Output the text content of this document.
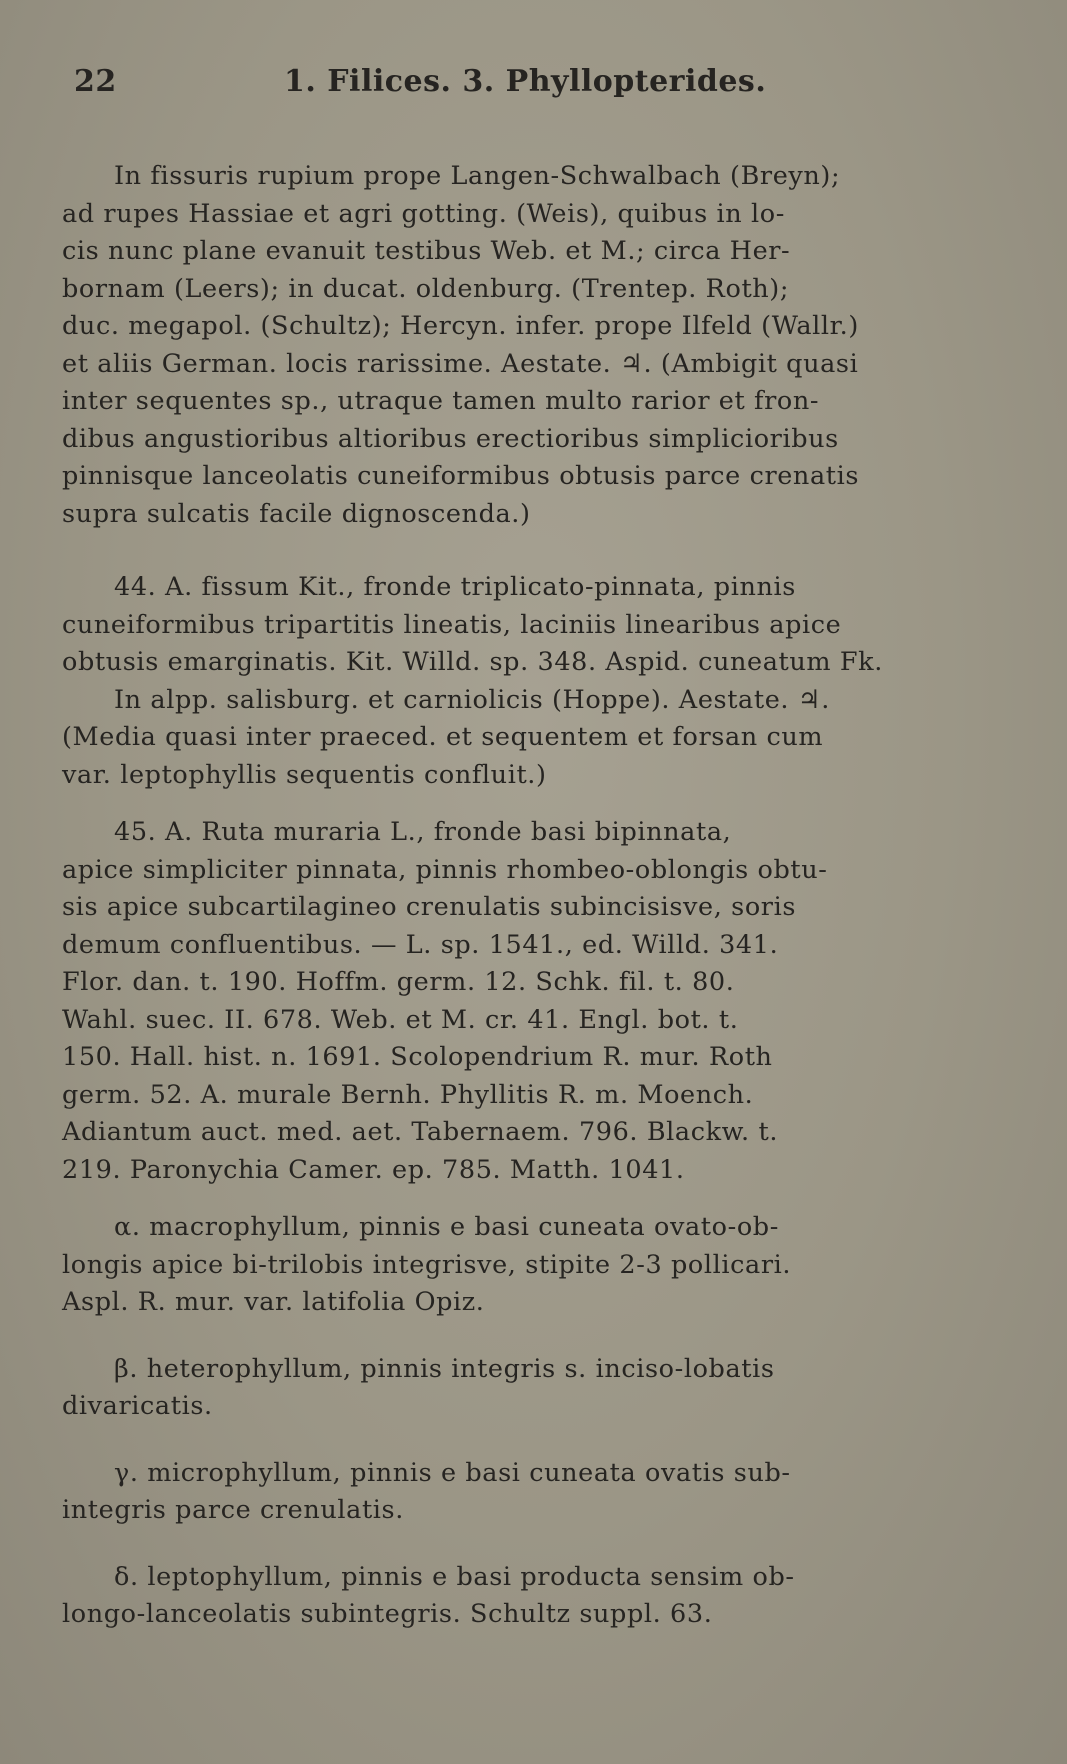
22	1. Filices. 3. Phyllopterides.
In fissuris rupium prope Langen-Schwalbach (Breyn);
ad rupes Hassiae et agri gotting. (Weis), quibus in lo-
cis nunc plane evanuit testibus Web. et M.; circa Her-
bornam (Leers); in ducat. oldenburg. (Trentep. Roth);
duc. megapol. (Schultz); Hercyn. infer. prope Ilfeld (Wallr.)
et aliis German. locis rarissime. Aestate. ♃. (Ambigit quasi
inter sequentes sp., utraque tamen multo rarior et fron-
dibus angustioribus altioribus erectioribus simplicioribus
pinnisque lanceolatis cuneiformibus obtusis parce crenatis
supra sulcatis facile dignoscenda.)
44. A. fissum Kit., fronde triplicato-pinnata, pinnis
cuneiformibus tripartitis lineatis, laciniis linearibus apice
obtusis emarginatis. Kit. Willd. sp. 348. Aspid. cuneatum Fk.
In alpp. salisburg. et carniolicis (Hoppe). Aestate. ♃.
(Media quasi inter praeced. et sequentem et forsan cum
var. leptophyllis sequentis confluit.)
45. A. Ruta muraria L., fronde basi bipinnata,
apice simpliciter pinnata, pinnis rhombeo-oblongis obtu-
sis apice subcartilagineo crenulatis subincisisve, soris
demum confluentibus. — L. sp. 1541., ed. Willd. 341.
Flor. dan. t. 190. Hoffm. germ. 12. Schk. fil. t. 80.
Wahl. suec. II. 678. Web. et M. cr. 41. Engl. bot. t.
150. Hall. hist. n. 1691. Scolopendrium R. mur. Roth
germ. 52. A. murale Bernh. Phyllitis R. m. Moench.
Adiantum auct. med. aet. Tabernaem. 796. Blackw. t.
219. Paronychia Camer. ep. 785. Matth. 1041.
α. macrophyllum, pinnis e basi cuneata ovato-ob-
longis apice bi-trilobis integrisve, stipite 2-3 pollicari.
Aspl. R. mur. var. latifolia Opiz.
β. heterophyllum, pinnis integris s. inciso-lobatis
divaricatis.
γ. microphyllum, pinnis e basi cuneata ovatis sub-
integris parce crenulatis.
δ. leptophyllum, pinnis e basi producta sensim ob-
longo-lanceolatis subintegris. Schultz suppl. 63.
